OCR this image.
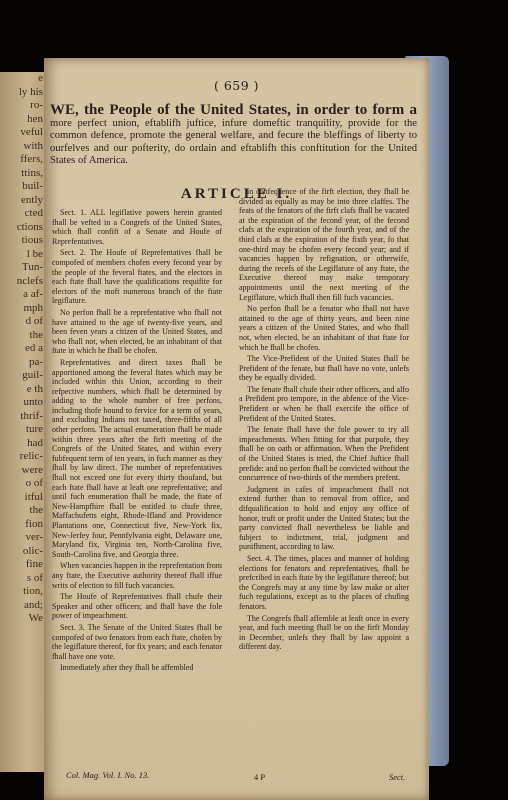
e
ly his
ro-
hen
veful
with
ffers,
ttins,
buil-
ently
cted
ctions
tious
l be
Tun-
nclefs
a af-
mph
d of
the
ed a
pa-
guil-
e th
unto
thrif-
ture
had
relic-
were
o of
itful
the
fion
ver-
olic-
fine
s of
tion,
and;
We
( 659 )
WE, the People of the United States, in order to form a more perfect union, eftablifh juftice, infure domeftic tranquility, provide for the common defence, promote the general welfare, and fecure the bleffings of liberty to ourfelves and our pofterity, do ordain and eftablifh this conftitution for the United States of America.
ARTICLE I.

Sect. 1. ALL legiflative powers herein granted fhall be vefted in a Congrefs of the United States, which fhall confift of a Senate and Houfe of Reprefentatives.

Sect. 2. The Houfe of Reprefentatives fhall be compofed of members chofen every fecond year by the people of the feveral ftates, and the electors in each ftate fhall have the qualifications requifite for electors of the moft numerous branch of the ftate legiflature.

No perfon fhall be a reprefentative who fhall not have attained to the age of twenty-five years, and been feven years a citizen of the United States, and who fhall not, when elected, be an inhabitant of that ftate in which he fhall be chofen.

Reprefentatives and direct taxes fhall be apportioned among the feveral ftates which may be included within this Union, according to their refpective numbers, which fhall be determined by adding to the whole number of free perfons, including thofe bound to fervice for a term of years, and excluding Indians not taxed, three-fifths of all other perfons. The actual enumeration fhall be made within three years after the firft meeting of the Congrefs of the United States, and within every fubfequent term of ten years, in fuch manner as they fhall by law direct. The number of reprefentatives fhall not exceed one for every thirty thoufand, but each ftate fhall have at leaft one reprefentative; and until fuch enumeration fhall be made, the ftate of New-Hampfhire fhall be entitled to chufe three, Maffachufetts eight, Rhode-Ifland and Providence Plantations one, Connecticut five, New-York fix, New-Jerfey four, Pennfylvania eight, Delaware one, Maryland fix, Virginia ten, North-Carolina five, South-Carolina five, and Georgia three.

When vacancies happen in the reprefentation from any ftate, the Executive authority thereof fhall iffue writs of election to fill fuch vacancies.

The Houfe of Reprefentatives fhall chufe their Speaker and other officers; and fhall have the fole power of impeachment.

Sect. 3. The Senate of the United States fhall be compofed of two fenators from each ftate, chofen by the legiflature thereof, for fix years; and each fenator fhall have one vote.

Immediately after they fhall be affembled

in confequence of the firft election, they fhall be divided as equally as may be into three claffes. The feats of the fenators of the firft clafs fhall be vacated at the expiration of the fecond year, of the fecond clafs at the expiration of the fourth year, and of the third clafs at the expiration of the fixth year, fo that one-third may be chofen every fecond year; and if vacancies happen by refignation, or otherwife, during the recefs of the Legiflature of any ftate, the Executive thereof may make temporary appointments until the next meeting of the Legiflature, which fhall then fill fuch vacancies.

No perfon fhall be a fenator who fhall not have attained to the age of thirty years, and been nine years a citizen of the United States, and who fhall not, when elected, be an inhabitant of that ftate for which he fhall be chofen.

The Vice-Prefident of the United States fhall be Prefident of the fenate, but fhall have no vote, unlefs they be equally divided.

The fenate fhall chufe their other officers, and alfo a Prefident pro tempore, in the abfence of the Vice-Prefident or when he fhall exercife the office of Prefident of the United States.

The fenate fhall have the fole power to try all impeachments. When fitting for that purpofe, they fhall be on oath or affirmation. When the Prefident of the United States is tried, the Chief Juftice fhall prefide: and no perfon fhall be convicted without the concurrence of two-thirds of the members prefent.

Judgment in cafes of impeachment fhall not extend further than to removal from office, and difqualification to hold and enjoy any office of honor, truft or profit under the United States; but the party convicted fhall nevertheless be liable and fubject to indictment, trial, judgment and punifhment, according to law.

Sect. 4. The times, places and manner of holding elections for fenators and reprefentatives, fhall be prefcribed in each ftate by the legiflature thereof; but the Congrefs may at any time by law make or alter fuch regulations, except as to the places of chufing fenators.

The Congrefs fhall affemble at leaft once in every year, and fuch meeting fhall be on the firft Monday in December, unlefs they fhall by law appoint a different day.

Col. Mag. Vol. I. No. 13.	4 P	Sect.
